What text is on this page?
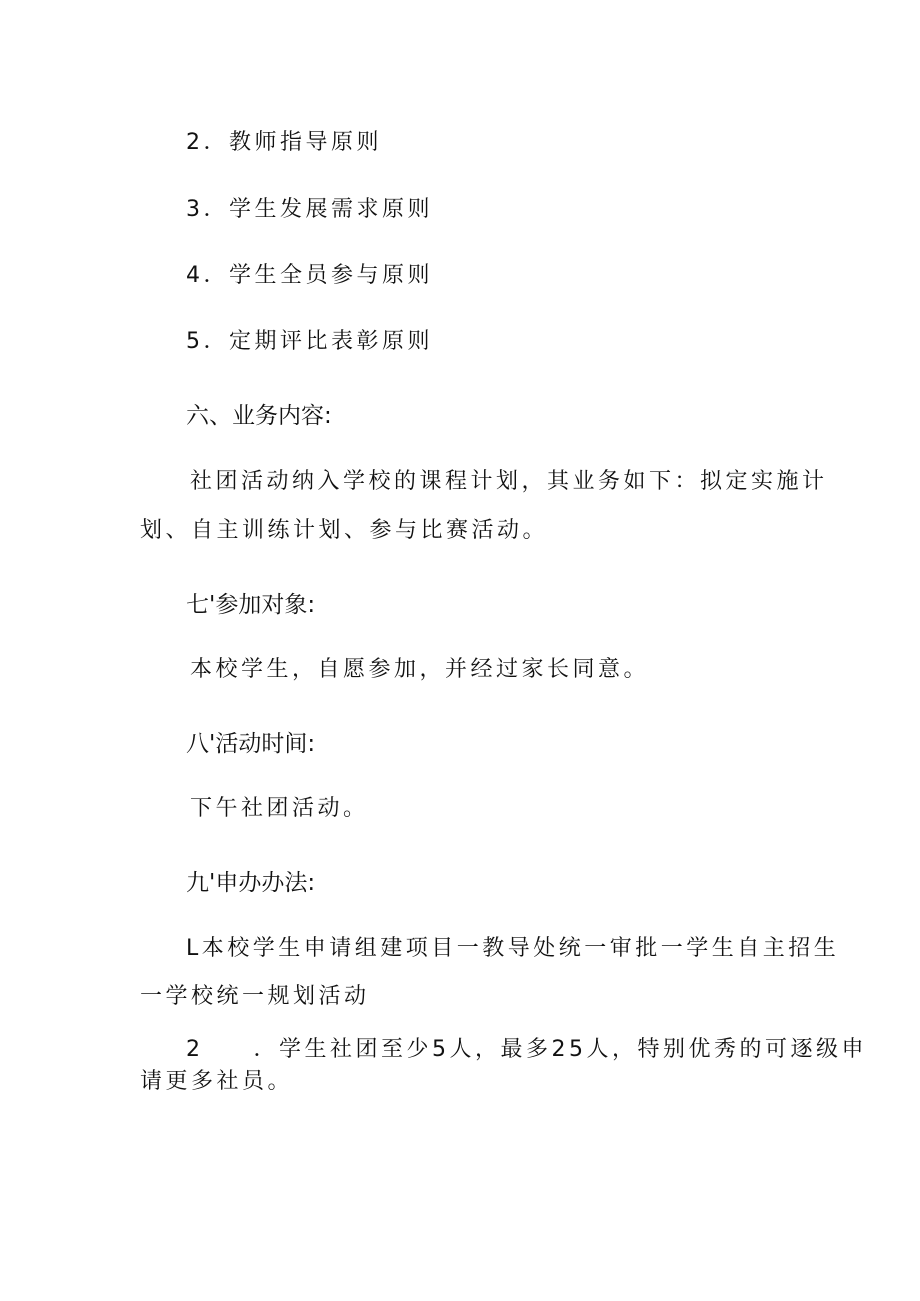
2．教师指导原则
3．学生发展需求原则
4．学生全员参与原则
5．定期评比表彰原则
六、业务内容:
社团活动纳入学校的课程计划，其业务如下：拟定实施计
划、自主训练计划、参与比赛活动。
七'参加对象:
本校学生，自愿参加，并经过家长同意。
八'活动时间:
下午社团活动。
九'申办办法:
L本校学生申请组建项目一教导处统一审批一学生自主招生
一学校统一规划活动
2 ．学生社团至少5人，最多25人，特别优秀的可逐级申
请更多社员。
